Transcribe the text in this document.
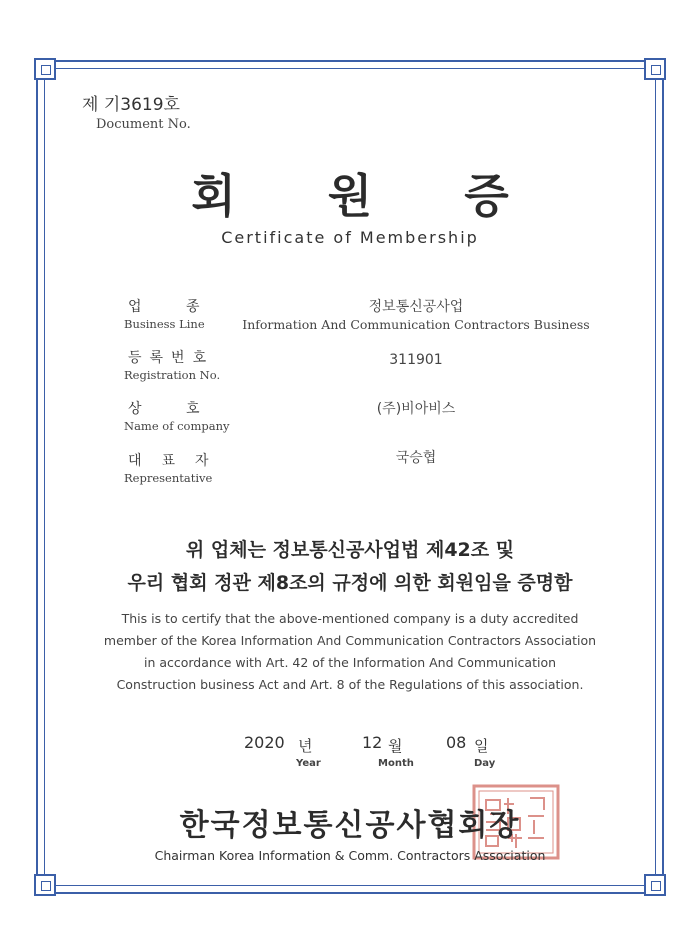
제 기3619호
Document No.
회원증
Certificate of Membership
업 종
Business Line
정보통신공사업
Information And Communication Contractors Business
등록번호
Registration No.
311901
상 호
Name of company
(주)비아비스
대표자
Representative
국승협
위 업체는 정보통신공사업법 제42조 및
우리 협회 정관 제8조의 규정에 의한 회원임을 증명함
This is to certify that the above-mentioned company is a duty accredited
member of the Korea Information And Communication Contractors Association
in accordance with Art. 42 of the Information And Communication
Construction business Act and Art. 8 of the Regulations of this association.
2020 년
Year
12 월
Month
08 일
Day
한국정보통신공사협회장
Chairman Korea Information & Comm. Contractors Association
